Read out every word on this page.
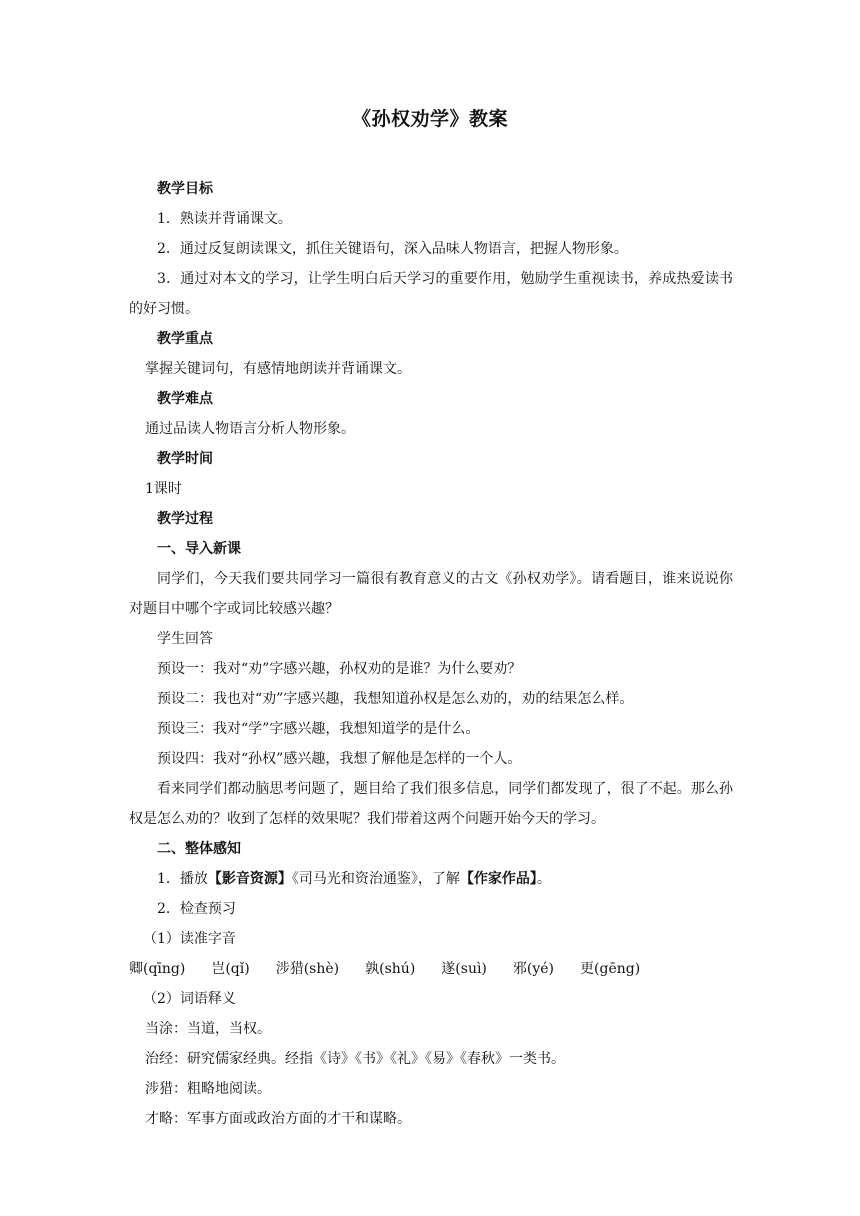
《孙权劝学》教案

教学目标

1．熟读并背诵课文。

2．通过反复朗读课文，抓住关键语句，深入品味人物语言，把握人物形象。

3．通过对本文的学习，让学生明白后天学习的重要作用，勉励学生重视读书，养成热爱读书的好习惯。

教学重点

掌握关键词句，有感情地朗读并背诵课文。

教学难点

通过品读人物语言分析人物形象。

教学时间

1课时

教学过程

一、导入新课

同学们，今天我们要共同学习一篇很有教育意义的古文《孙权劝学》。请看题目，谁来说说你对题目中哪个字或词比较感兴趣？

学生回答

预设一：我对“劝”字感兴趣，孙权劝的是谁？为什么要劝？

预设二：我也对“劝”字感兴趣，我想知道孙权是怎么劝的，劝的结果怎么样。

预设三：我对“学”字感兴趣，我想知道学的是什么。

预设四：我对“孙权”感兴趣，我想了解他是怎样的一个人。

看来同学们都动脑思考问题了，题目给了我们很多信息，同学们都发现了，很了不起。那么孙权是怎么劝的？收到了怎样的效果呢？我们带着这两个问题开始今天的学习。

二、整体感知

1．播放【影音资源】《司马光和资治通鉴》，了解【作家作品】。

2．检查预习

（1）读准字音

卿(qīng) 岂(qǐ) 涉猎(shè) 孰(shú) 遂(suì) 邪(yé) 更(gēng)

（2）词语释义

当涂：当道，当权。

治经：研究儒家经典。经指《诗》《书》《礼》《易》《春秋》一类书。

涉猎：粗略地阅读。

才略：军事方面或政治方面的才干和谋略。
